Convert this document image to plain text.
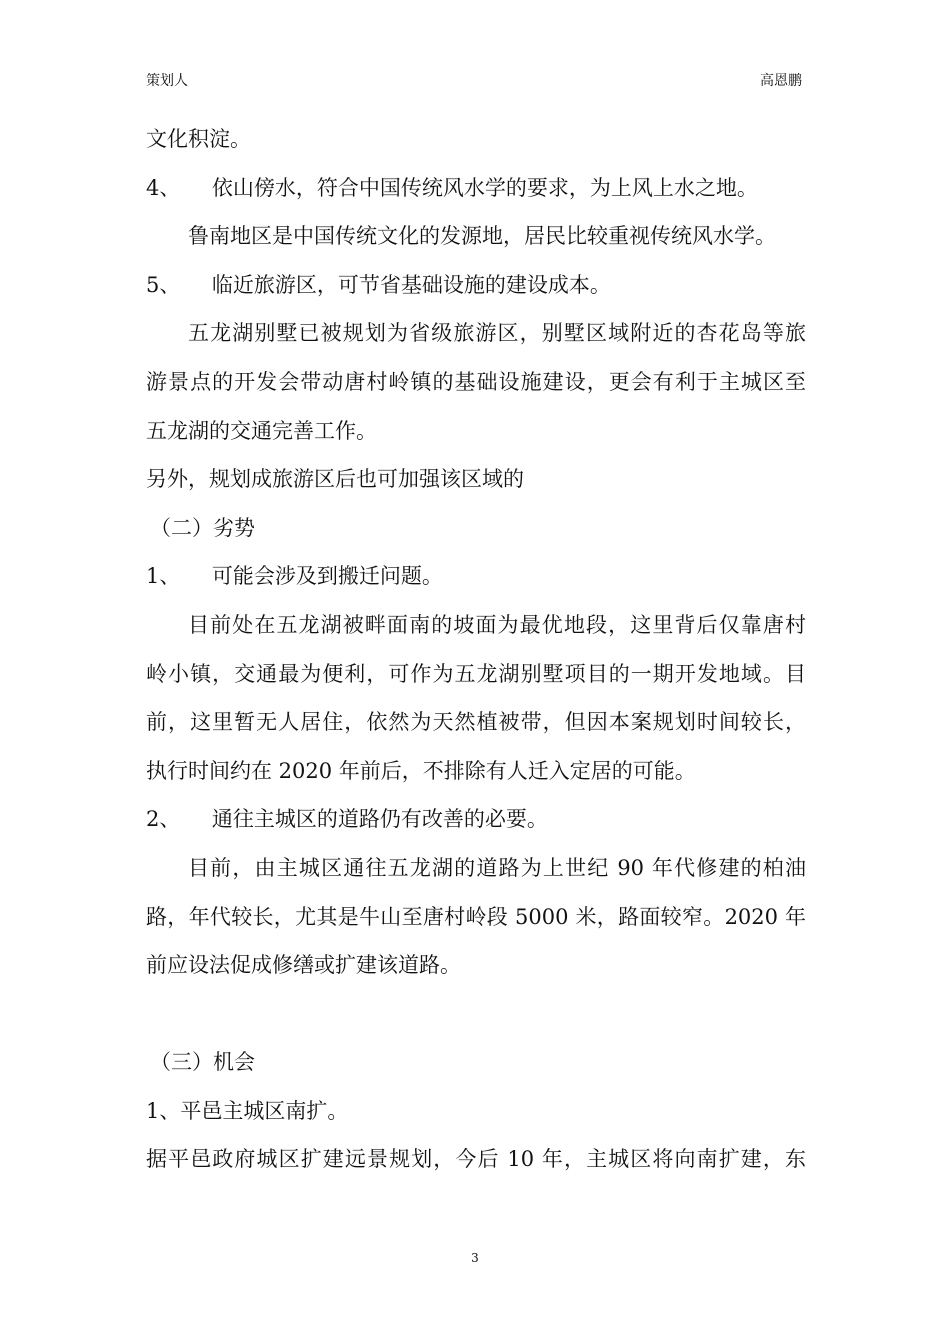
策划人	高恩鹏
文化积淀。
4、　　依山傍水，符合中国传统风水学的要求，为上风上水之地。
鲁南地区是中国传统文化的发源地，居民比较重视传统风水学。
5、　　临近旅游区，可节省基础设施的建设成本。
五龙湖别墅已被规划为省级旅游区，别墅区域附近的杏花岛等旅
游景点的开发会带动唐村岭镇的基础设施建设，更会有利于主城区至
五龙湖的交通完善工作。
另外，规划成旅游区后也可加强该区域的
（二）劣势
1、　　可能会涉及到搬迁问题。
目前处在五龙湖被畔面南的坡面为最优地段，这里背后仅靠唐村
岭小镇，交通最为便利，可作为五龙湖别墅项目的一期开发地域。目
前，这里暂无人居住，依然为天然植被带，但因本案规划时间较长，
执行时间约在 2020 年前后，不排除有人迁入定居的可能。
2、　　通往主城区的道路仍有改善的必要。
目前，由主城区通往五龙湖的道路为上世纪 90 年代修建的柏油
路，年代较长，尤其是牛山至唐村岭段 5000 米，路面较窄。2020 年
前应设法促成修缮或扩建该道路。
（三）机会
1、平邑主城区南扩。
据平邑政府城区扩建远景规划，今后 10 年，主城区将向南扩建，东
3
